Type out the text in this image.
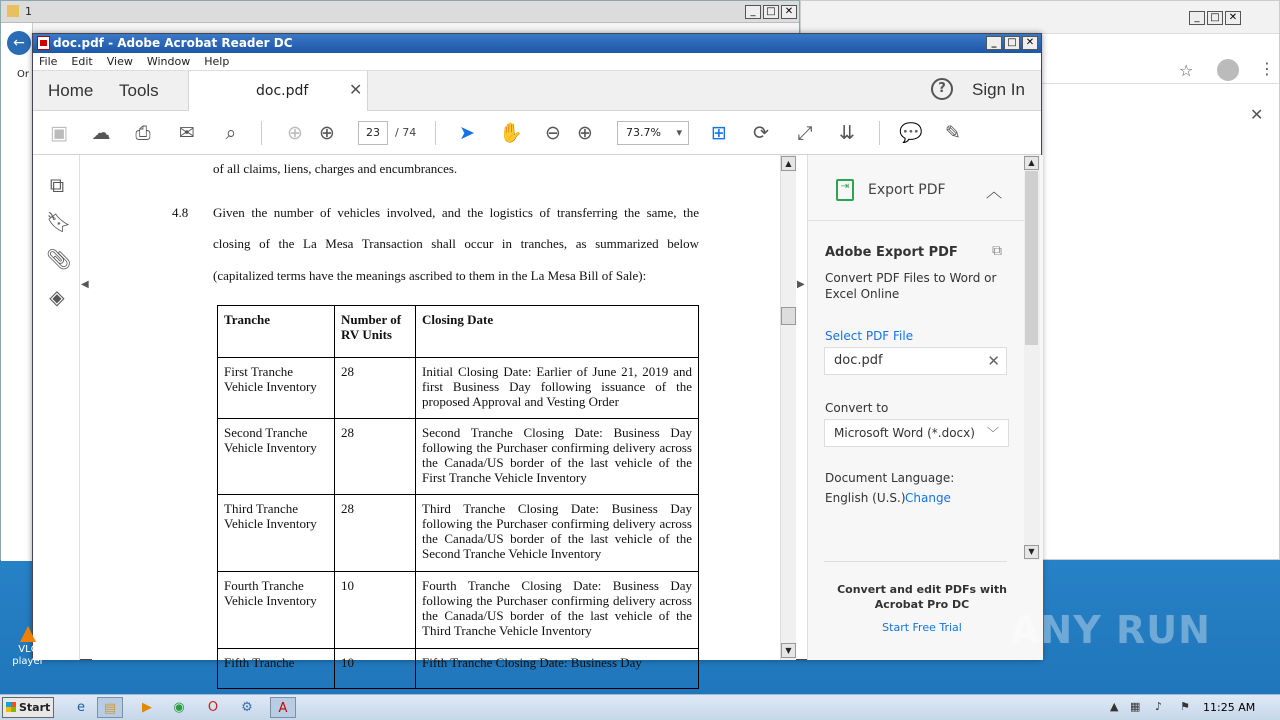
1	_	□ ✕
←
Or
_	□ ✕
☆	⋮
✕
doc.pdf - Adobe Acrobat Reader DC	_	□ ✕
File Edit View Window Help
Home Tools	doc.pdf	✕	?	Sign In
▣ ☁ ⎙ ✉	⌕	⊕ ⊕	23	/ 74 ➤ ✋ ⊖ ⊕	73.7% ▾	⊞ ⟳ ⤢ ⇊ 💬 ✎
⧉
🔖︎
📎︎
◈
◀

of all claims, liens, charges and encumbrances.

4.8 Given the number of vehicles involved, and the logistics of transferring the same, the

closing of the La Mesa Transaction shall occur in tranches, as summarized below

(capitalized terms have the meanings ascribed to them in the La Mesa Bill of Sale):

Tranche	Number of RV Units	Closing Date
First Tranche Vehicle Inventory	28	Initial Closing Date: Earlier of June 21, 2019 and first Business Day following issuance of the proposed Approval and Vesting Order
Second Tranche Vehicle Inventory	28	Second Tranche Closing Date: Business Day following the Purchaser confirming delivery across the Canada/US border of the last vehicle of the First Tranche Vehicle Inventory
Third Tranche Vehicle Inventory	28	Third Tranche Closing Date: Business Day following the Purchaser confirming delivery across the Canada/US border of the last vehicle of the Second Tranche Vehicle Inventory
Fourth Tranche Vehicle Inventory	10	Fourth Tranche Closing Date: Business Day following the Purchaser confirming delivery across the Canada/US border of the last vehicle of the Third Tranche Vehicle Inventory
Fifth Tranche	10	Fifth Tranche Closing Date: Business Day
▲
▼
▶
⇥	Export PDF	︿
Adobe Export PDF ⧉
Convert PDF Files to Word or Excel Online
Select PDF File
doc.pdf	✕
Convert to
Microsoft Word (*.docx) ﹀
Document Language:
English (U.S.) Change
Convert and edit PDFs with Acrobat Pro DC
Start Free Trial
▲
▼
VLC player
ANY RUN
Start	e	▤	▶	◉	O	⚙	A	▲ ▦ ♪ ⚑ 11:25 AM
